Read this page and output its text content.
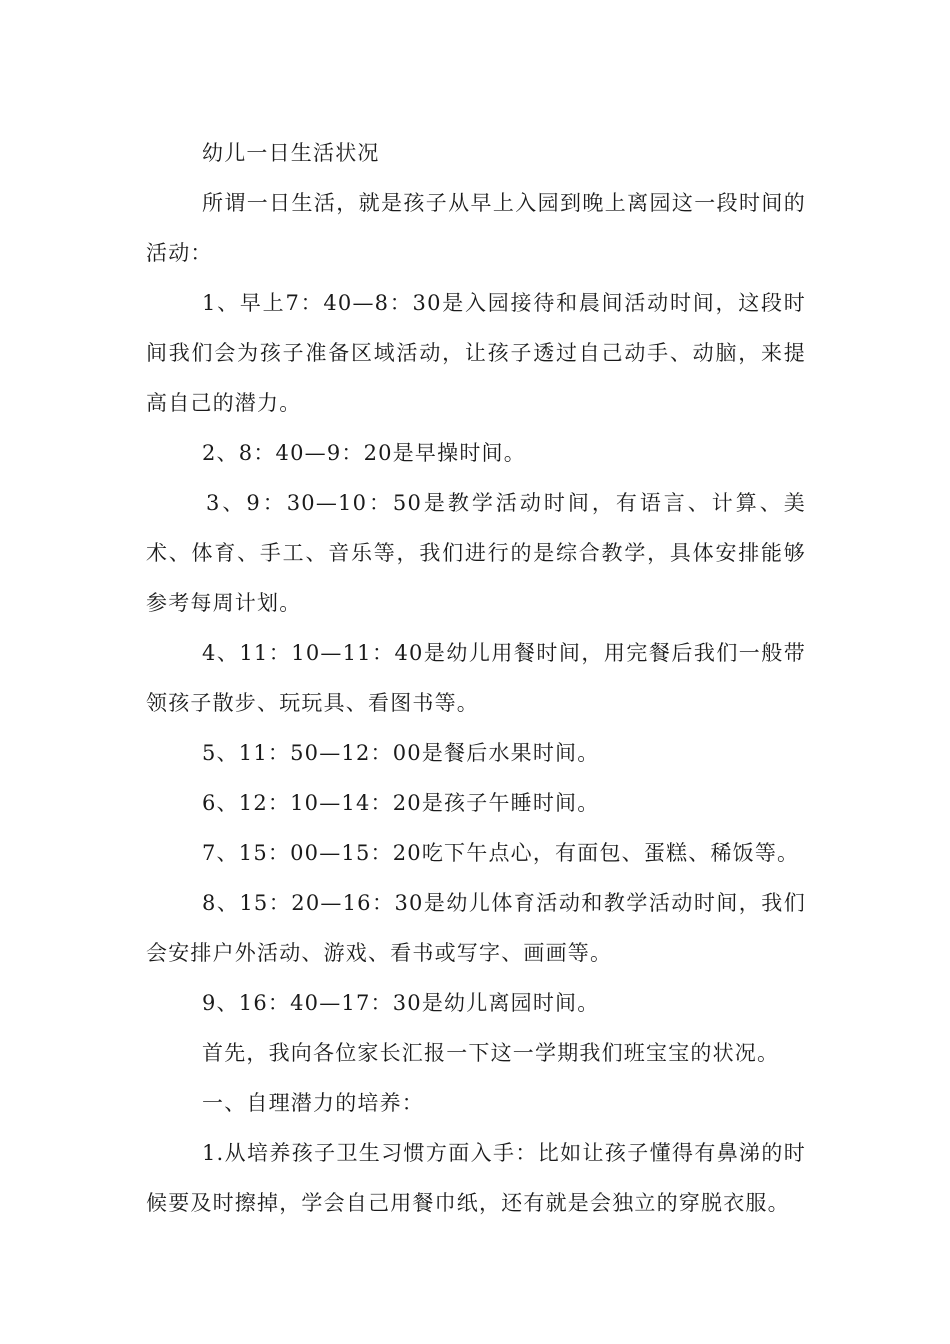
幼儿一日生活状况

所谓一日生活，就是孩子从早上入园到晚上离园这一段时间的活动：

1、早上7：40—8：30是入园接待和晨间活动时间，这段时间我们会为孩子准备区域活动，让孩子透过自己动手、动脑，来提高自己的潜力。

2、8：40—9：20是早操时间。

3、9：30—10：50是教学活动时间，有语言、计算、美术、体育、手工、音乐等，我们进行的是综合教学，具体安排能够参考每周计划。

4、11：10—11：40是幼儿用餐时间，用完餐后我们一般带领孩子散步、玩玩具、看图书等。

5、11：50—12：00是餐后水果时间。

6、12：10—14：20是孩子午睡时间。

7、15：00—15：20吃下午点心，有面包、蛋糕、稀饭等。

8、15：20—16：30是幼儿体育活动和教学活动时间，我们会安排户外活动、游戏、看书或写字、画画等。

9、16：40—17：30是幼儿离园时间。

首先，我向各位家长汇报一下这一学期我们班宝宝的状况。

一、自理潜力的培养：

1.从培养孩子卫生习惯方面入手：比如让孩子懂得有鼻涕的时候要及时擦掉，学会自己用餐巾纸，还有就是会独立的穿脱衣服。
